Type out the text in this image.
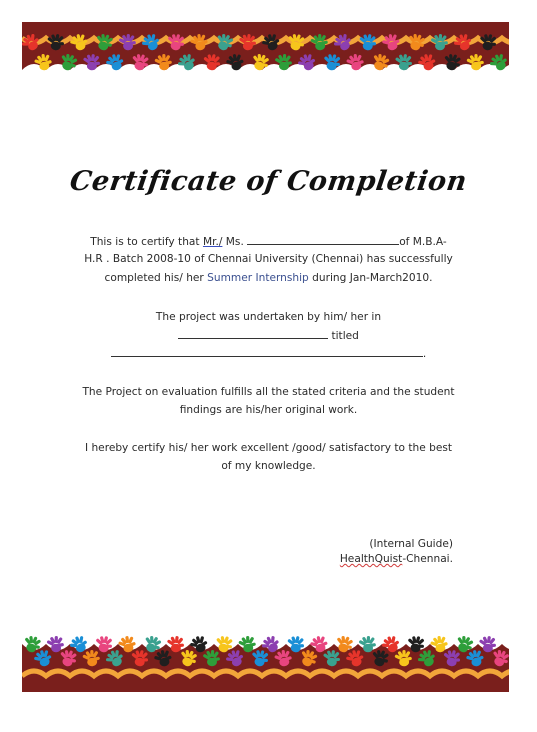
Certificate of Completion
This is to certify that Mr./ Ms.	of M.B.A-
H.R . Batch 2008-10 of Chennai University (Chennai) has successfully
completed his/ her Summer Internship during Jan-March2010.
The project was undertaken by him/ her in
titled
.
The Project on evaluation fulfills all the stated criteria and the student
findings are his/her original work.
I hereby certify his/ her work excellent /good/ satisfactory to the best
of my knowledge.
(Internal Guide)
HealthQuist-Chennai.
